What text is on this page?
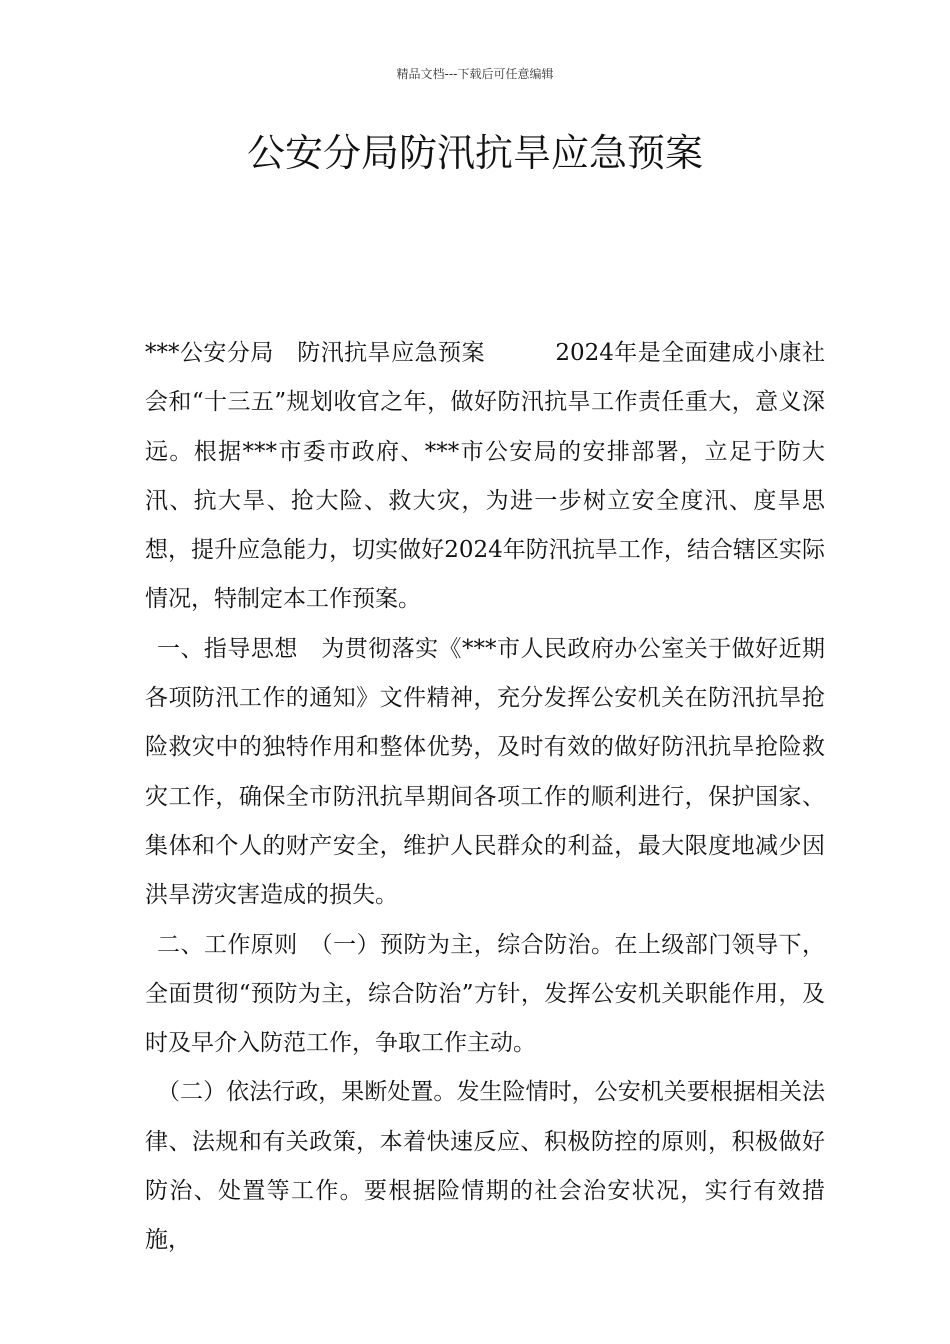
精品文档---下载后可任意编辑
公安分局防汛抗旱应急预案

***公安分局　防汛抗旱应急预案　　　2024年是全面建成小康社会和“十三五”规划收官之年，做好防汛抗旱工作责任重大，意义深远。根据***市委市政府、***市公安局的安排部署，立足于防大汛、抗大旱、抢大险、救大灾，为进一步树立安全度汛、度旱思想，提升应急能力，切实做好2024年防汛抗旱工作，结合辖区实际情况，特制定本工作预案。

一、指导思想　为贯彻落实《***市人民政府办公室关于做好近期各项防汛工作的通知》文件精神，充分发挥公安机关在防汛抗旱抢险救灾中的独特作用和整体优势，及时有效的做好防汛抗旱抢险救灾工作，确保全市防汛抗旱期间各项工作的顺利进行，保护国家、集体和个人的财产安全，维护人民群众的利益，最大限度地减少因洪旱涝灾害造成的损失。

二、工作原则　（一）预防为主，综合防治。在上级部门领导下，全面贯彻“预防为主，综合防治”方针，发挥公安机关职能作用，及时及早介入防范工作，争取工作主动。

（二）依法行政，果断处置。发生险情时，公安机关要根据相关法律、法规和有关政策，本着快速反应、积极防控的原则，积极做好防治、处置等工作。要根据险情期的社会治安状况，实行有效措施，
